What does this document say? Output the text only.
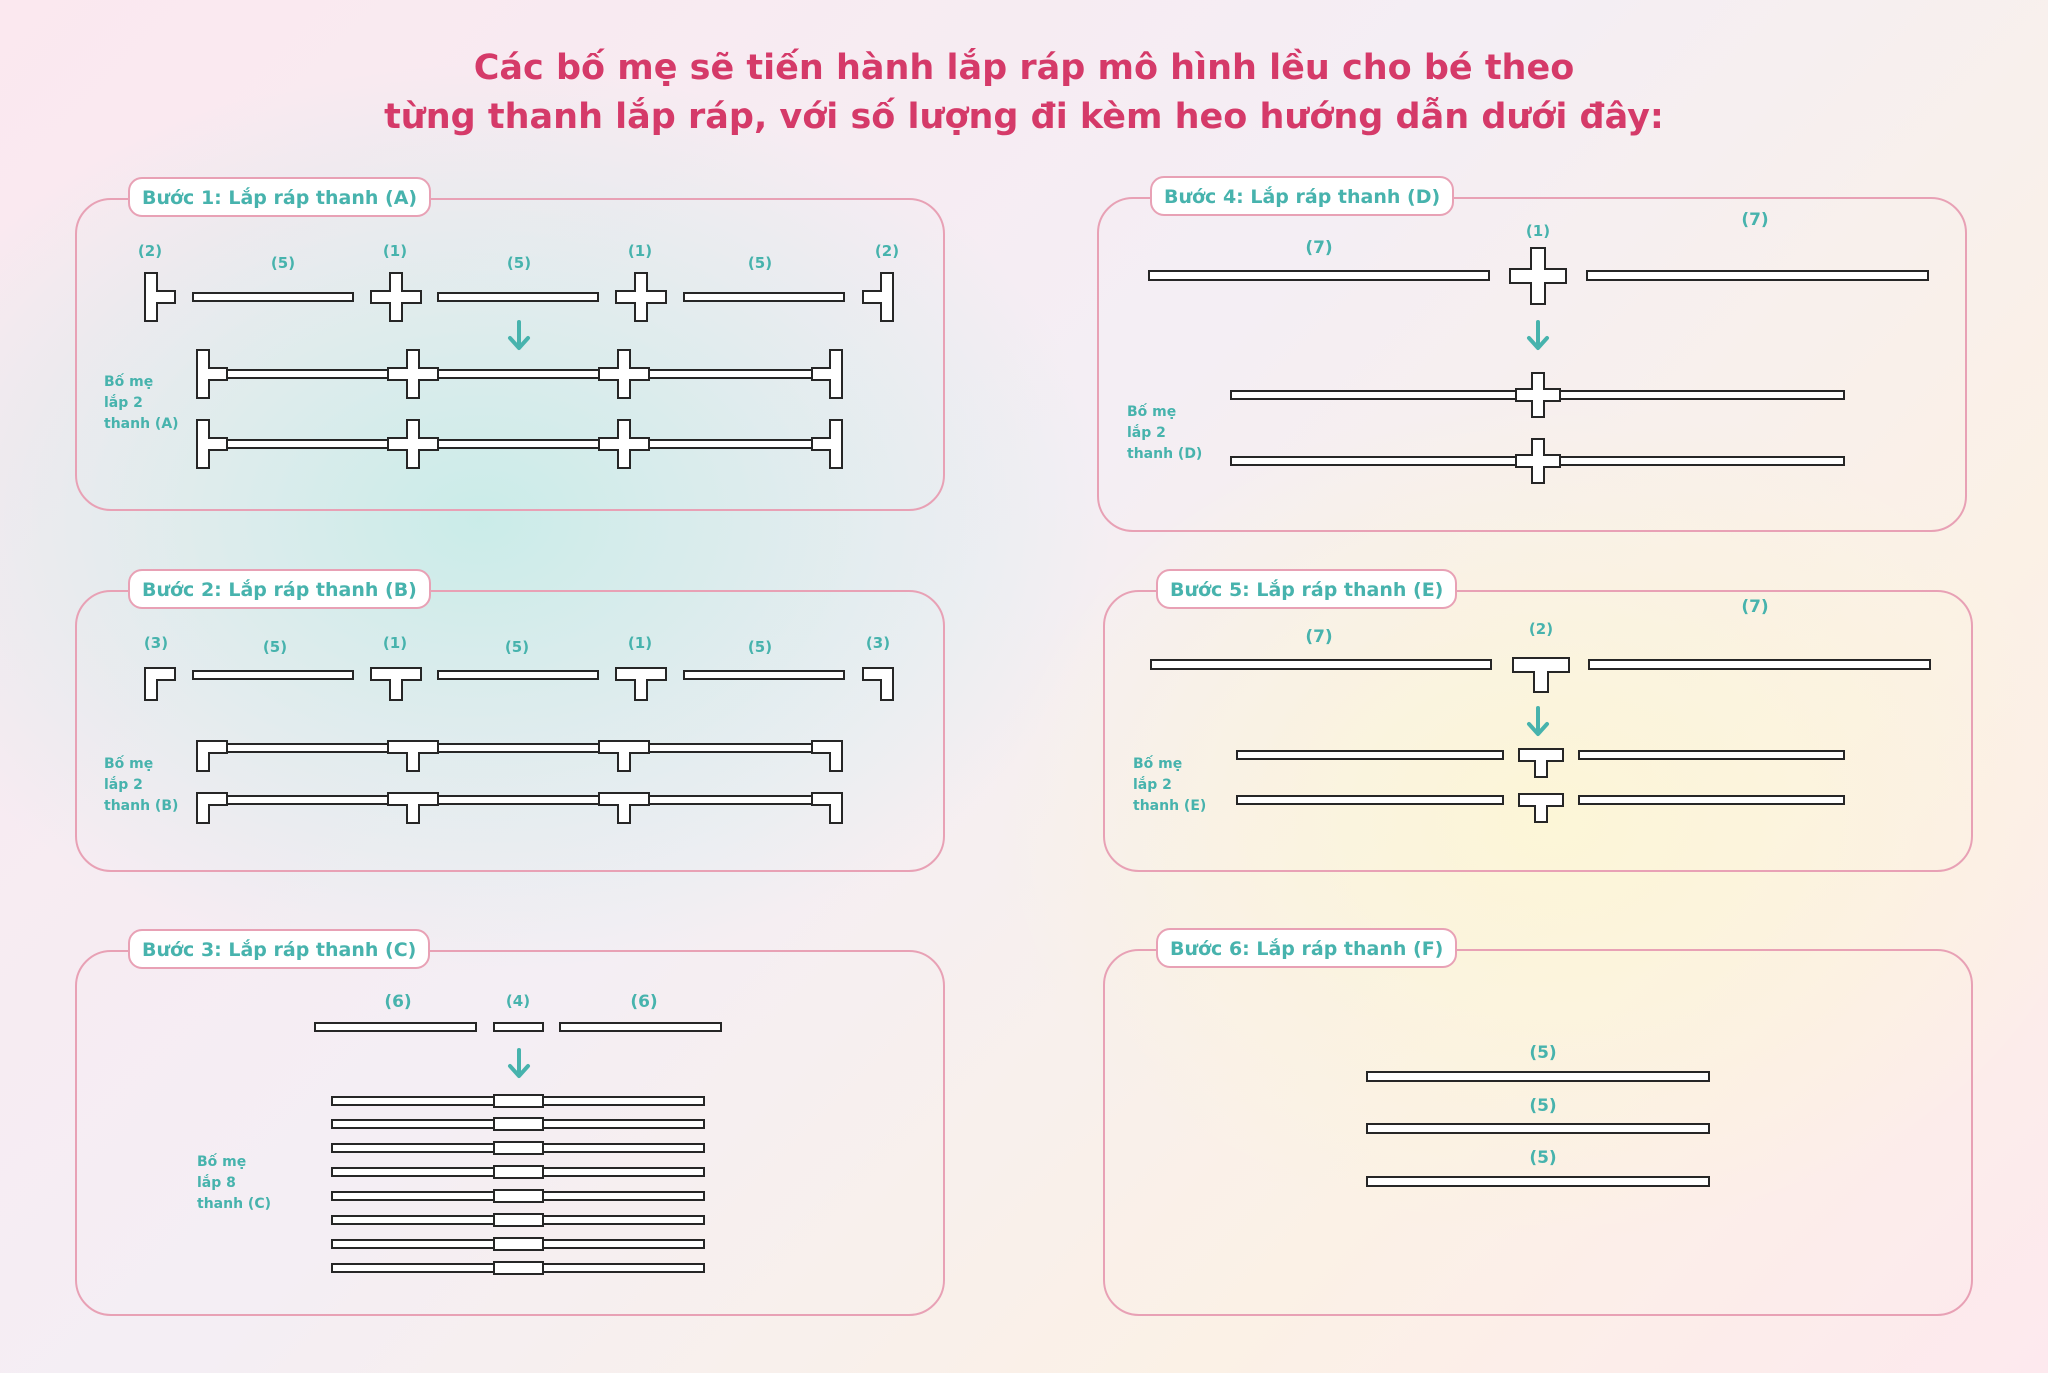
Các bố mẹ sẽ tiến hành lắp ráp mô hình lều cho bé theo
từng thanh lắp ráp, với số lượng đi kèm heo hướng dẫn dưới đây:
Bước 1: Lắp ráp thanh (A)
(2)
(5)
(1)
(5)
(1)
(5)
(2)
Bố mẹ
lắp 2
thanh (A)
Bước 2: Lắp ráp thanh (B)
(3)	(5)	(1)	(5)	(1)	(5)	(3)
Bố mẹ
lắp 2
thanh (B)
Bước 3: Lắp ráp thanh (C)
(6)	(4)	(6)
Bố mẹ
lắp 8
thanh (C)
Bước 4: Lắp ráp thanh (D)
(7)
(1)
(7)
Bố mẹ
lắp 2
thanh (D)
Bước 5: Lắp ráp thanh (E)
(7)	(2)
(7)
Bố mẹ
lắp 2
thanh (E)
Bước 6: Lắp ráp thanh (F)
(5)
(5)
(5)
